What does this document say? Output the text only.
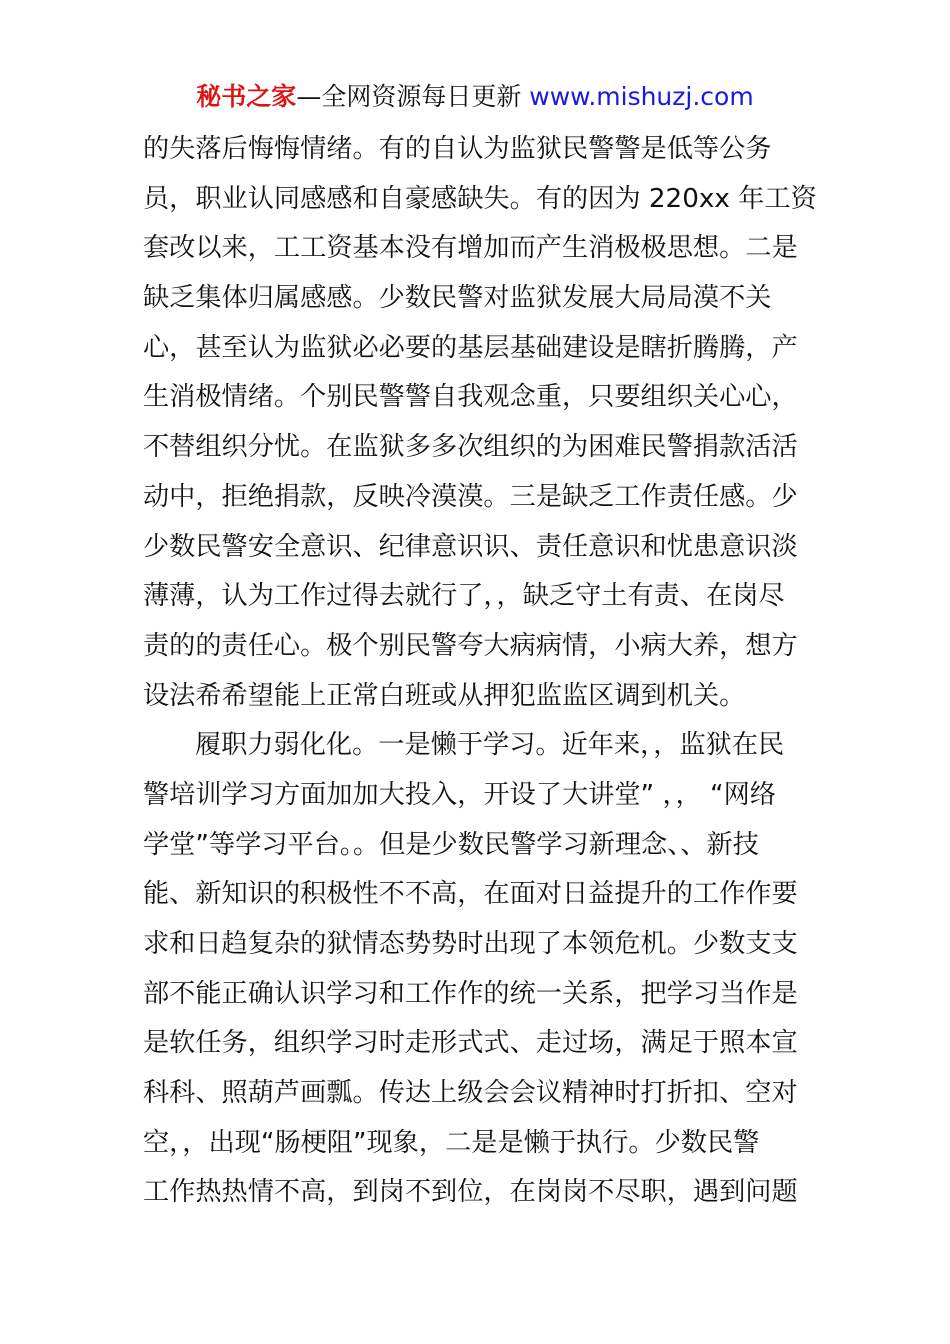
秘书之家—全网资源每日更新 www.mishuzj.com
的失落后悔悔情绪。有的自认为监狱民警警是低等公务
员，职业认同感感和自豪感缺失。有的因为 220xx 年工资
套改以来，工工资基本没有增加而产生消极极思想。二是
缺乏集体归属感感。少数民警对监狱发展大局局漠不关
心，甚至认为监狱必必要的基层基础建设是瞎折腾腾，产
生消极情绪。个别民警警自我观念重，只要组织关心心，
不替组织分忧。在监狱多多次组织的为困难民警捐款活活
动中，拒绝捐款，反映冷漠漠。三是缺乏工作责任感。少
少数民警安全意识、纪律意识识、责任意识和忧患意识淡
薄薄，认为工作过得去就行了，，缺乏守土有责、在岗尽
责的的责任心。极个别民警夸大病病情，小病大养，想方
设法希希望能上正常白班或从押犯监监区调到机关。
履职力弱化化。一是懒于学习。近年来，，监狱在民
警培训学习方面加加大投入，开设了大讲堂” ，， “网络
学堂”等学习平台。。但是少数民警学习新理念、、新技
能、新知识的积极性不不高，在面对日益提升的工作作要
求和日趋复杂的狱情态势势时出现了本领危机。少数支支
部不能正确认识学习和工作作的统一关系，把学习当作是
是软任务，组织学习时走形式式、走过场，满足于照本宣
科科、照葫芦画瓢。传达上级会会议精神时打折扣、空对
空，，出现“肠梗阻”现象，二是是懒于执行。少数民警
工作热热情不高，到岗不到位，在岗岗不尽职，遇到问题
